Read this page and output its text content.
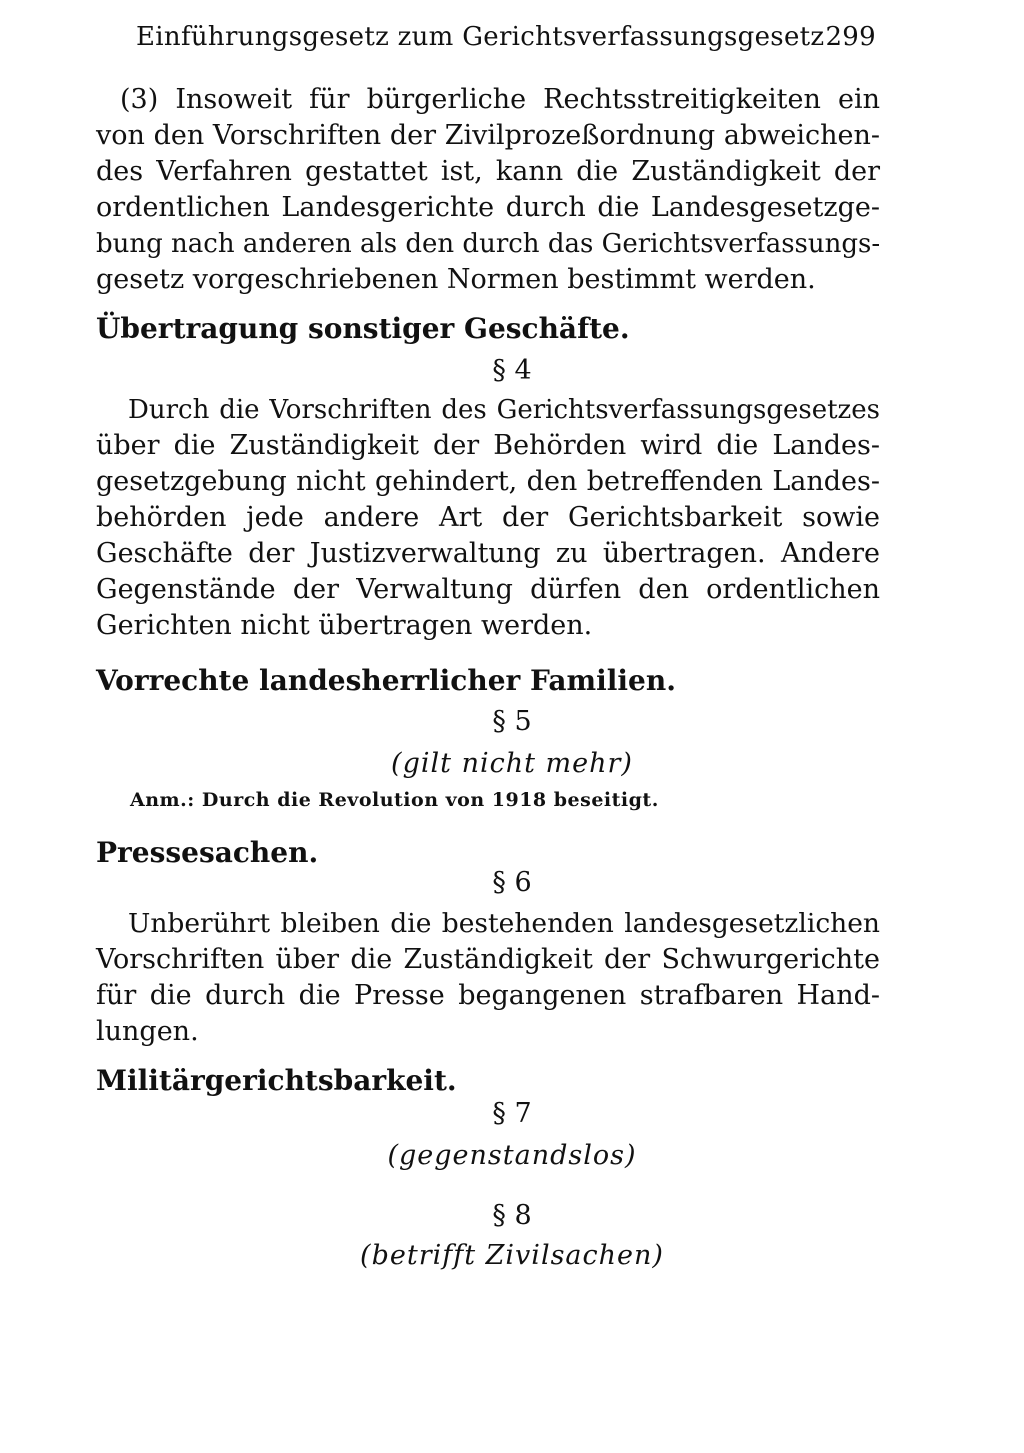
Einführungsgesetz zum Gerichtsverfassungsgesetz 299
(3) Insoweit für bürgerliche Rechtsstreitigkeiten ein
von den Vorschriften der Zivilprozeßordnung abweichen-
des Verfahren gestattet ist, kann die Zuständigkeit der
ordentlichen Landesgerichte durch die Landesgesetzge-
bung nach anderen als den durch das Gerichtsverfassungs-
gesetz vorgeschriebenen Normen bestimmt werden.
Übertragung sonstiger Geschäfte.
§ 4
Durch die Vorschriften des Gerichtsverfassungsgesetzes
über die Zuständigkeit der Behörden wird die Landes-
gesetzgebung nicht gehindert, den betreffenden Landes-
behörden jede andere Art der Gerichtsbarkeit sowie
Geschäfte der Justizverwaltung zu übertragen. Andere
Gegenstände der Verwaltung dürfen den ordentlichen
Gerichten nicht übertragen werden.
Vorrechte landesherrlicher Familien.
§ 5
(gilt nicht mehr)
Anm.: Durch die Revolution von 1918 beseitigt.
Pressesachen.
§ 6
Unberührt bleiben die bestehenden landesgesetzlichen
Vorschriften über die Zuständigkeit der Schwurgerichte
für die durch die Presse begangenen strafbaren Hand-
lungen.
Militärgerichtsbarkeit.
§ 7
(gegenstandslos)
§ 8
(betrifft Zivilsachen)
